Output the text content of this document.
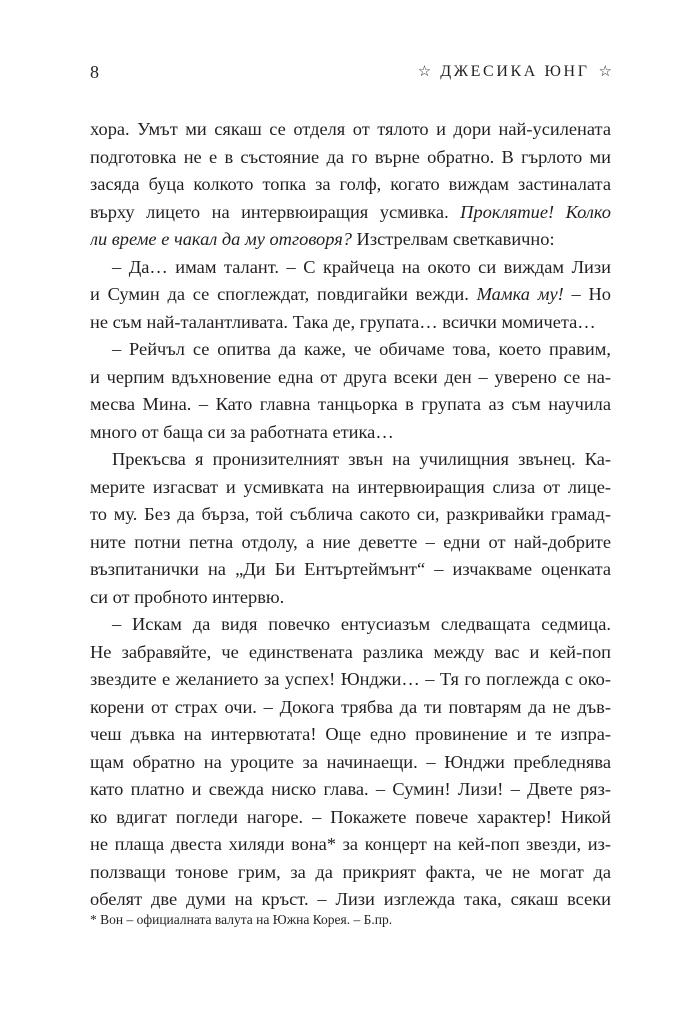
8	☆ ДЖЕСИКА ЮНГ ☆
хора. Умът ми сякаш се отделя от тялото и дори най-усилената
подготовка не е в състояние да го върне обратно. В гърлото ми
засяда буца колкото топка за голф, когато виждам застиналата
върху лицето на интервюиращия усмивка. Проклятие! Колко
ли време е чакал да му отговоря? Изстрелвам светкавично:
– Да… имам талант. – С крайчеца на окото си виждам Лизи
и Сумин да се споглеждат, повдигайки вежди. Мамка му! – Но
не съм най-талантливата. Така де, групата… всички момичета…
– Рейчъл се опитва да каже, че обичаме това, което правим,
и черпим вдъхновение една от друга всеки ден – уверено се на-
месва Мина. – Като главна танцьорка в групата аз съм научила
много от баща си за работната етика…
Прекъсва я пронизителният звън на училищния звънец. Ка-
мерите изгасват и усмивката на интервюиращия слиза от лице-
то му. Без да бърза, той съблича сакото си, разкривайки грамад-
ните потни петна отдолу, а ние деветте – едни от най-добрите
възпитанички на „Ди Би Ентъртеймънт“ – изчакваме оценката
си от пробното интервю.
– Искам да видя повечко ентусиазъм следващата седмица.
Не забравяйте, че единствената разлика между вас и кей-поп
звездите е желанието за успех! Юнджи… – Тя го поглежда с око-
корени от страх очи. – Докога трябва да ти повтарям да не дъв-
чеш дъвка на интервютата! Още едно провинение и те изпра-
щам обратно на уроците за начинаещи. – Юнджи пребледнява
като платно и свежда ниско глава. – Сумин! Лизи! – Двете ряз-
ко вдигат погледи нагоре. – Покажете повече характер! Никой
не плаща двеста хиляди вона* за концерт на кей-поп звезди, из-
ползващи тонове грим, за да прикрият факта, че не могат да
обелят две думи на кръст. – Лизи изглежда така, сякаш всеки
* Вон – официалната валута на Южна Корея. – Б.пр.
